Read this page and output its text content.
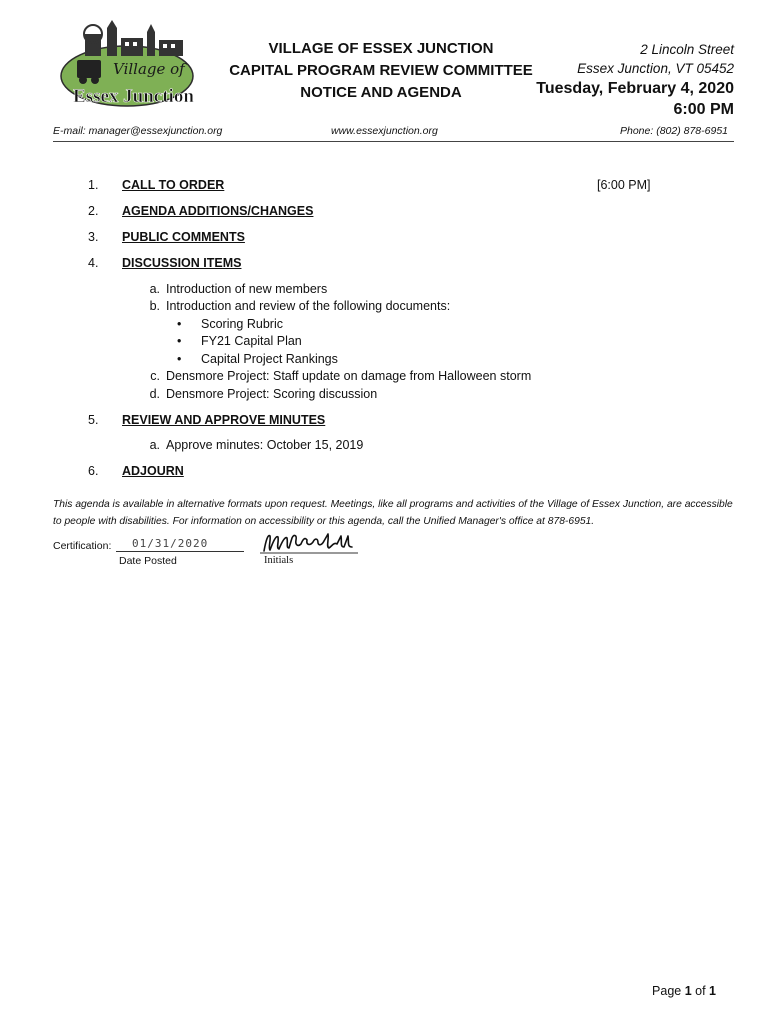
Village of
Essex Junction
VILLAGE OF ESSEX JUNCTION
CAPITAL PROGRAM REVIEW COMMITTEE
NOTICE AND AGENDA
2 Lincoln Street
Essex Junction, VT 05452
Tuesday, February 4, 2020
6:00 PM
E-mail: manager@essexjunction.org	www.essexjunction.org	Phone: (802) 878-6951
1. CALL TO ORDER	[6:00 PM]
2. AGENDA ADDITIONS/CHANGES
3. PUBLIC COMMENTS
4. DISCUSSION ITEMS
a. Introduction of new members
b. Introduction and review of the following documents:
• Scoring Rubric
• FY21 Capital Plan
• Capital Project Rankings
c. Densmore Project: Staff update on damage from Halloween storm
d. Densmore Project: Scoring discussion
5. REVIEW AND APPROVE MINUTES
a. Approve minutes: October 15, 2019
6. ADJOURN
This agenda is available in alternative formats upon request. Meetings, like all programs and activities of the Village of Essex Junction, are accessible to people with disabilities. For information on accessibility or this agenda, call the Unified Manager's office at 878-6951.
Certification: 01/31/2020
Date Posted	Initials
Page 1 of 1
